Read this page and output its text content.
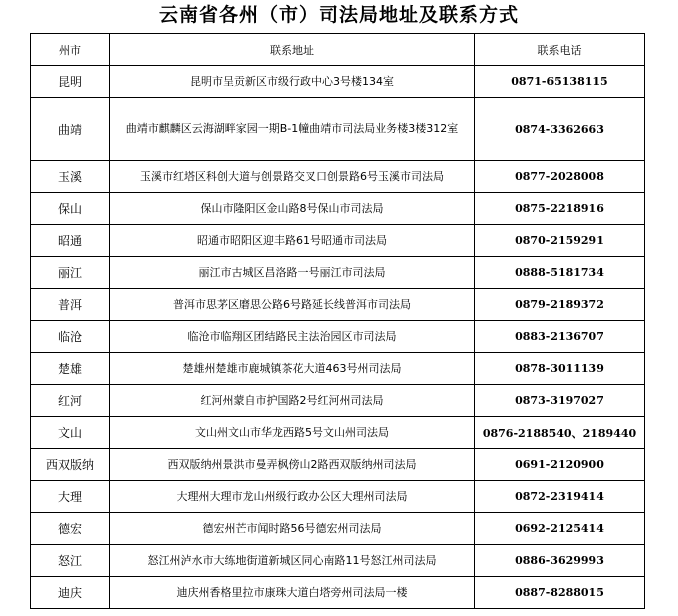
云南省各州（市）司法局地址及联系方式
州市	联系地址	联系电话
昆明	昆明市呈贡新区市级行政中心3号楼134室	0871-65138115
曲靖	曲靖市麒麟区云海湖畔家园一期B-1幢曲靖市司法局业务楼3楼312室	0874-3362663
玉溪	玉溪市红塔区科创大道与创景路交叉口创景路6号玉溪市司法局	0877-2028008
保山	保山市隆阳区金山路8号保山市司法局	0875-2218916
昭通	昭通市昭阳区迎丰路61号昭通市司法局	0870-2159291
丽江	丽江市古城区昌洛路一号丽江市司法局	0888-5181734
普洱	普洱市思茅区磨思公路6号路延长线普洱市司法局	0879-2189372
临沧	临沧市临翔区团结路民主法治园区市司法局	0883-2136707
楚雄	楚雄州楚雄市鹿城镇茶花大道463号州司法局	0878-3011139
红河	红河州蒙自市护国路2号红河州司法局	0873-3197027
文山	文山州文山市华龙西路5号文山州司法局	0876-2188540、2189440
西双版纳	西双版纳州景洪市曼弄枫傍山2路西双版纳州司法局	0691-2120900
大理	大理州大理市龙山州级行政办公区大理州司法局	0872-2319414
德宏	德宏州芒市闻时路56号德宏州司法局	0692-2125414
怒江	怒江州泸水市大练地街道新城区同心南路11号怒江州司法局	0886-3629993
迪庆	迪庆州香格里拉市康珠大道白塔旁州司法局一楼	0887-8288015
